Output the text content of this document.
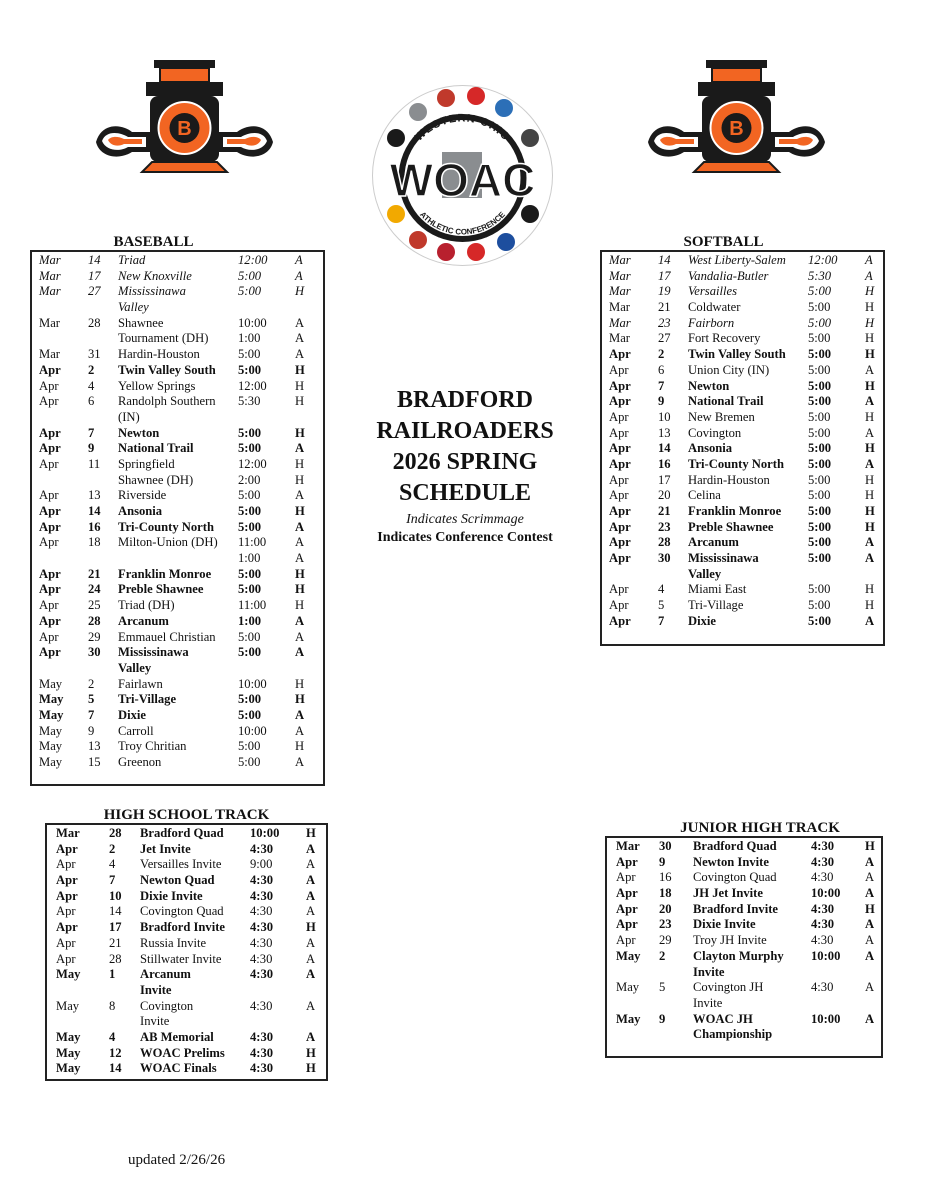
B	B
WESTERN OHIO
ATHLETIC CONFERENCE
WOAC
BASEBALL
Mar 14 Triad	12:00 A
Mar 17 New Knoxville	5:00	A
Mar 27 Mississinawa	5:00	H
Valley
Mar 28 Shawnee	10:00 A
Tournament (DH) 1:00	A
Mar 31 Hardin-Houston	5:00	A
Apr 2 Twin Valley South 5:00	H
Apr 4 Yellow Springs	12:00 H
Apr 6 Randolph Southern 5:30	H
(IN)
Apr 7 Newton	5:00	H
Apr 9 National Trail	5:00	A
Apr 11 Springfield	12:00 H
Shawnee (DH)	2:00	H
Apr 13 Riverside	5:00	A
Apr 14 Ansonia	5:00	H
Apr 16 Tri-County North 5:00	A
Apr 18 Milton-Union (DH) 11:00 A
1:00	A
Apr 21 Franklin Monroe 5:00	H
Apr 24 Preble Shawnee	5:00	H
Apr 25 Triad (DH)	11:00 H
Apr 28 Arcanum	1:00	A
Apr 29 Emmauel Christian 5:00	A
Apr 30 Mississinawa	5:00	A
Valley
May 2 Fairlawn	10:00 H
May 5 Tri-Village	5:00	H
May 7 Dixie	5:00	A
May 9 Carroll	10:00 A
May 13 Troy Chritian	5:00	H
May 15 Greenon	5:00	A
SOFTBALL
Mar 14 West Liberty-Salem 12:00 A
Mar 17 Vandalia-Butler	5:30	A
Mar 19 Versailles	5:00	H
Mar 21 Coldwater	5:00	H
Mar 23 Fairborn	5:00	H
Mar 27 Fort Recovery	5:00	H
Apr 2 Twin Valley South 5:00	H
Apr 6 Union City (IN)	5:00	A
Apr 7 Newton	5:00	H
Apr 9 National Trail	5:00	A
Apr 10 New Bremen	5:00	H
Apr 13 Covington	5:00	A
Apr 14 Ansonia	5:00	H
Apr 16 Tri-County North 5:00	A
Apr 17 Hardin-Houston	5:00	H
Apr 20 Celina	5:00	H
Apr 21 Franklin Monroe 5:00	H
Apr 23 Preble Shawnee	5:00	H
Apr 28 Arcanum	5:00	A
Apr 30 Mississinawa	5:00	A
Valley
Apr 4 Miami East	5:00	H
Apr 5 Tri-Village	5:00	H
Apr 7 Dixie	5:00	A
BRADFORD
RAILROADERS
2026 SPRING
SCHEDULE
Indicates Scrimmage
Indicates Conference Contest
HIGH SCHOOL TRACK
Mar 28 Bradford Quad 10:00 H
Apr 2 Jet Invite	4:30	A
Apr	4 Versailles Invite 9:00	A
Apr 7 Newton Quad	4:30	A
Apr 10 Dixie Invite	4:30	A
Apr	14 Covington Quad 4:30	A
Apr 17 Bradford Invite 4:30	H
Apr	21 Russia Invite	4:30	A
Apr	28 Stillwater Invite 4:30	A
May 1 Arcanum	4:30	A
Invite
May 8 Covington	4:30	A
Invite
May 4 AB Memorial	4:30	A
May 12 WOAC Prelims 4:30	H
May 14 WOAC Finals	4:30	H
JUNIOR HIGH TRACK
Mar 30 Bradford Quad	4:30 H
Apr 9 Newton Invite	4:30 A
Apr 16 Covington Quad	4:30	A
Apr 18 JH Jet Invite	10:00 A
Apr 20 Bradford Invite	4:30 H
Apr 23 Dixie Invite	4:30 A
Apr 29 Troy JH Invite	4:30	A
May 2 Clayton Murphy 10:00 A
Invite
May 5 Covington JH	4:30	A
Invite
May 9 WOAC JH	10:00 A
Championship
updated 2/26/26
